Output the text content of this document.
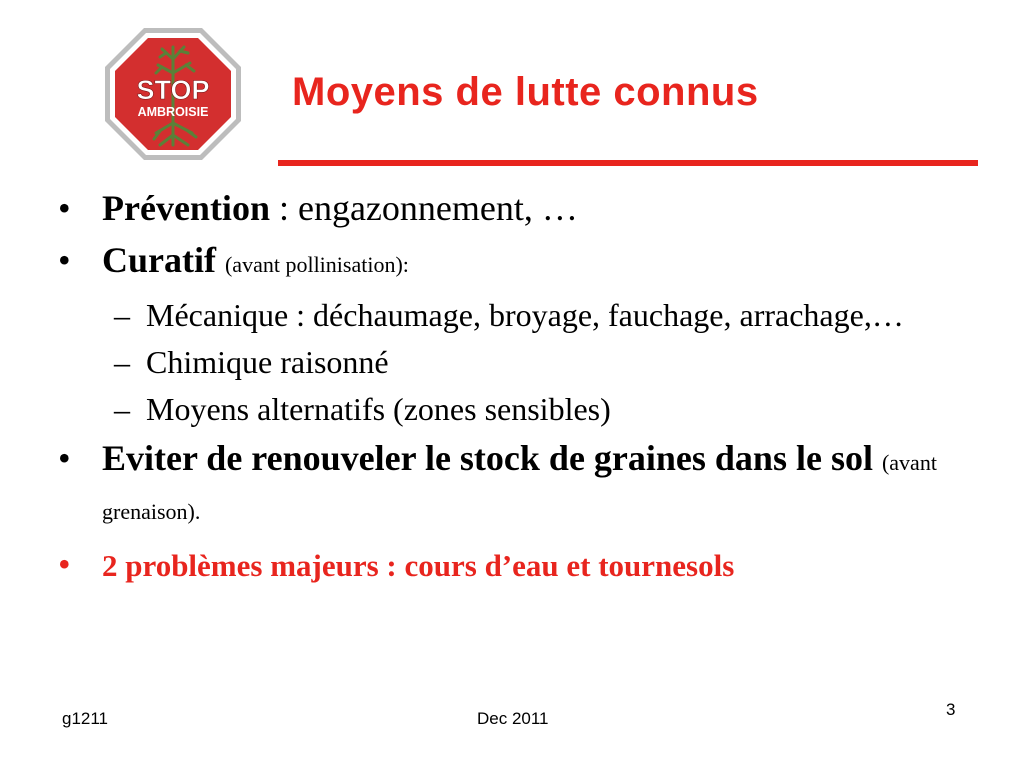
STOP
AMBROISIE Moyens de lutte connus
• Prévention : engazonnement, …
• Curatif (avant pollinisation):
– Mécanique : déchaumage, broyage, fauchage, arrachage,…
– Chimique raisonné
– Moyens alternatifs (zones sensibles)
• Eviter de renouveler le stock de graines dans le sol (avant grenaison).
• 2 problèmes majeurs : cours d’eau et tournesols
g1211	Dec 2011	3
